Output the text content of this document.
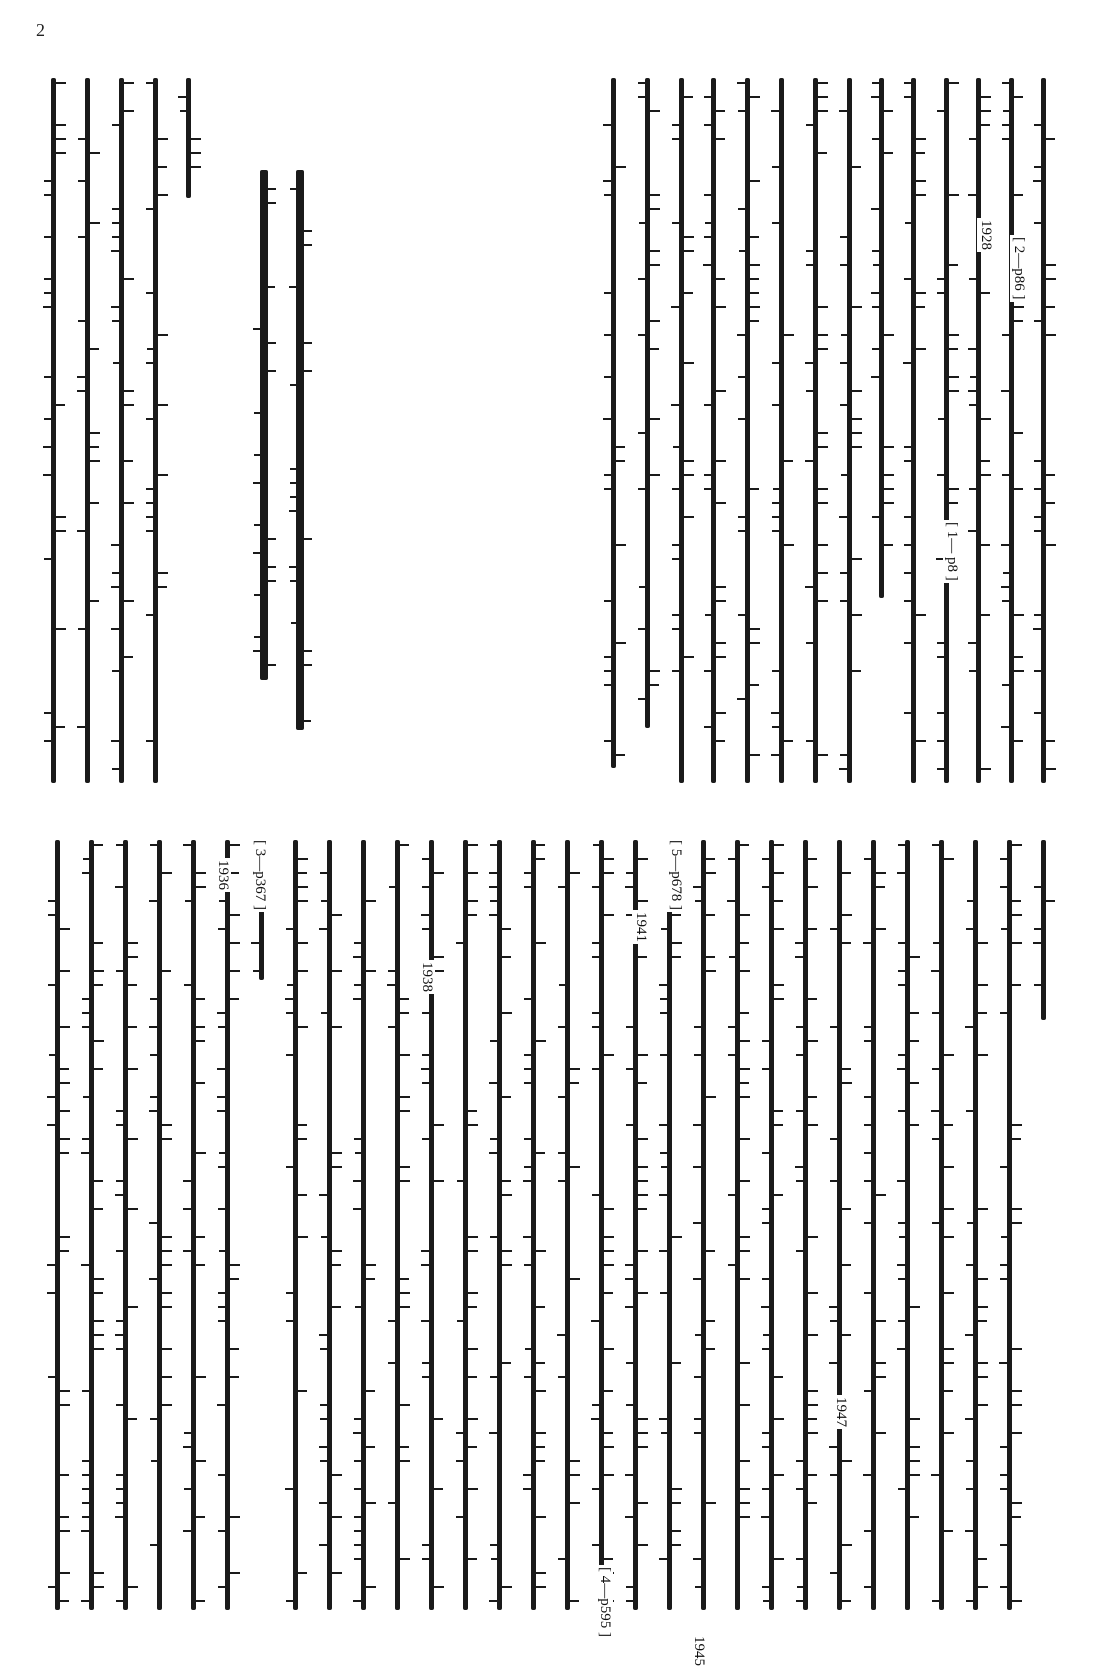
2
[ 2—p86 ]
1928
[ 1— p8 ]
1947
1945
[ 5—p678 ]
1941
[ 4—p595 ]
1938
[ 3—p367 ]
1936
